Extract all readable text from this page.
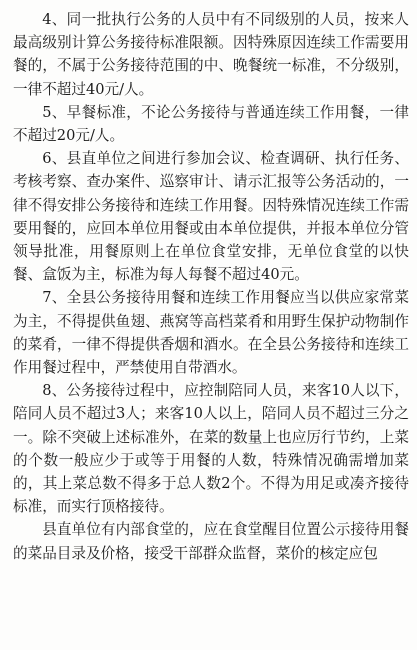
4、同一批执行公务的人员中有不同级别的人员，按来人最高级别计算公务接待标准限额。因特殊原因连续工作需要用餐的，不属于公务接待范围的中、晚餐统一标准，不分级别，一律不超过40元/人。

5、早餐标准，不论公务接待与普通连续工作用餐，一律不超过20元/人。

6、县直单位之间进行参加会议、检查调研、执行任务、考核考察、查办案件、巡察审计、请示汇报等公务活动的，一律不得安排公务接待和连续工作用餐。因特殊情况连续工作需要用餐的，应回本单位用餐或由本单位提供，并报本单位分管领导批准，用餐原则上在单位食堂安排，无单位食堂的以快餐、盒饭为主，标准为每人每餐不超过40元。

7、全县公务接待用餐和连续工作用餐应当以供应家常菜为主，不得提供鱼翅、燕窝等高档菜肴和用野生保护动物制作的菜肴，一律不得提供香烟和酒水。在全县公务接待和连续工作用餐过程中，严禁使用自带酒水。

8、公务接待过程中，应控制陪同人员，来客10人以下，陪同人员不超过3人；来客10人以上，陪同人员不超过三分之一。除不突破上述标准外，在菜的数量上也应厉行节约，上菜的个数一般应少于或等于用餐的人数，特殊情况确需增加菜的，其上菜总数不得多于总人数2个。不得为用足或凑齐接待标准，而实行顶格接待。

县直单位有内部食堂的，应在食堂醒目位置公示接待用餐的菜品目录及价格，接受干部群众监督，菜价的核定应包
